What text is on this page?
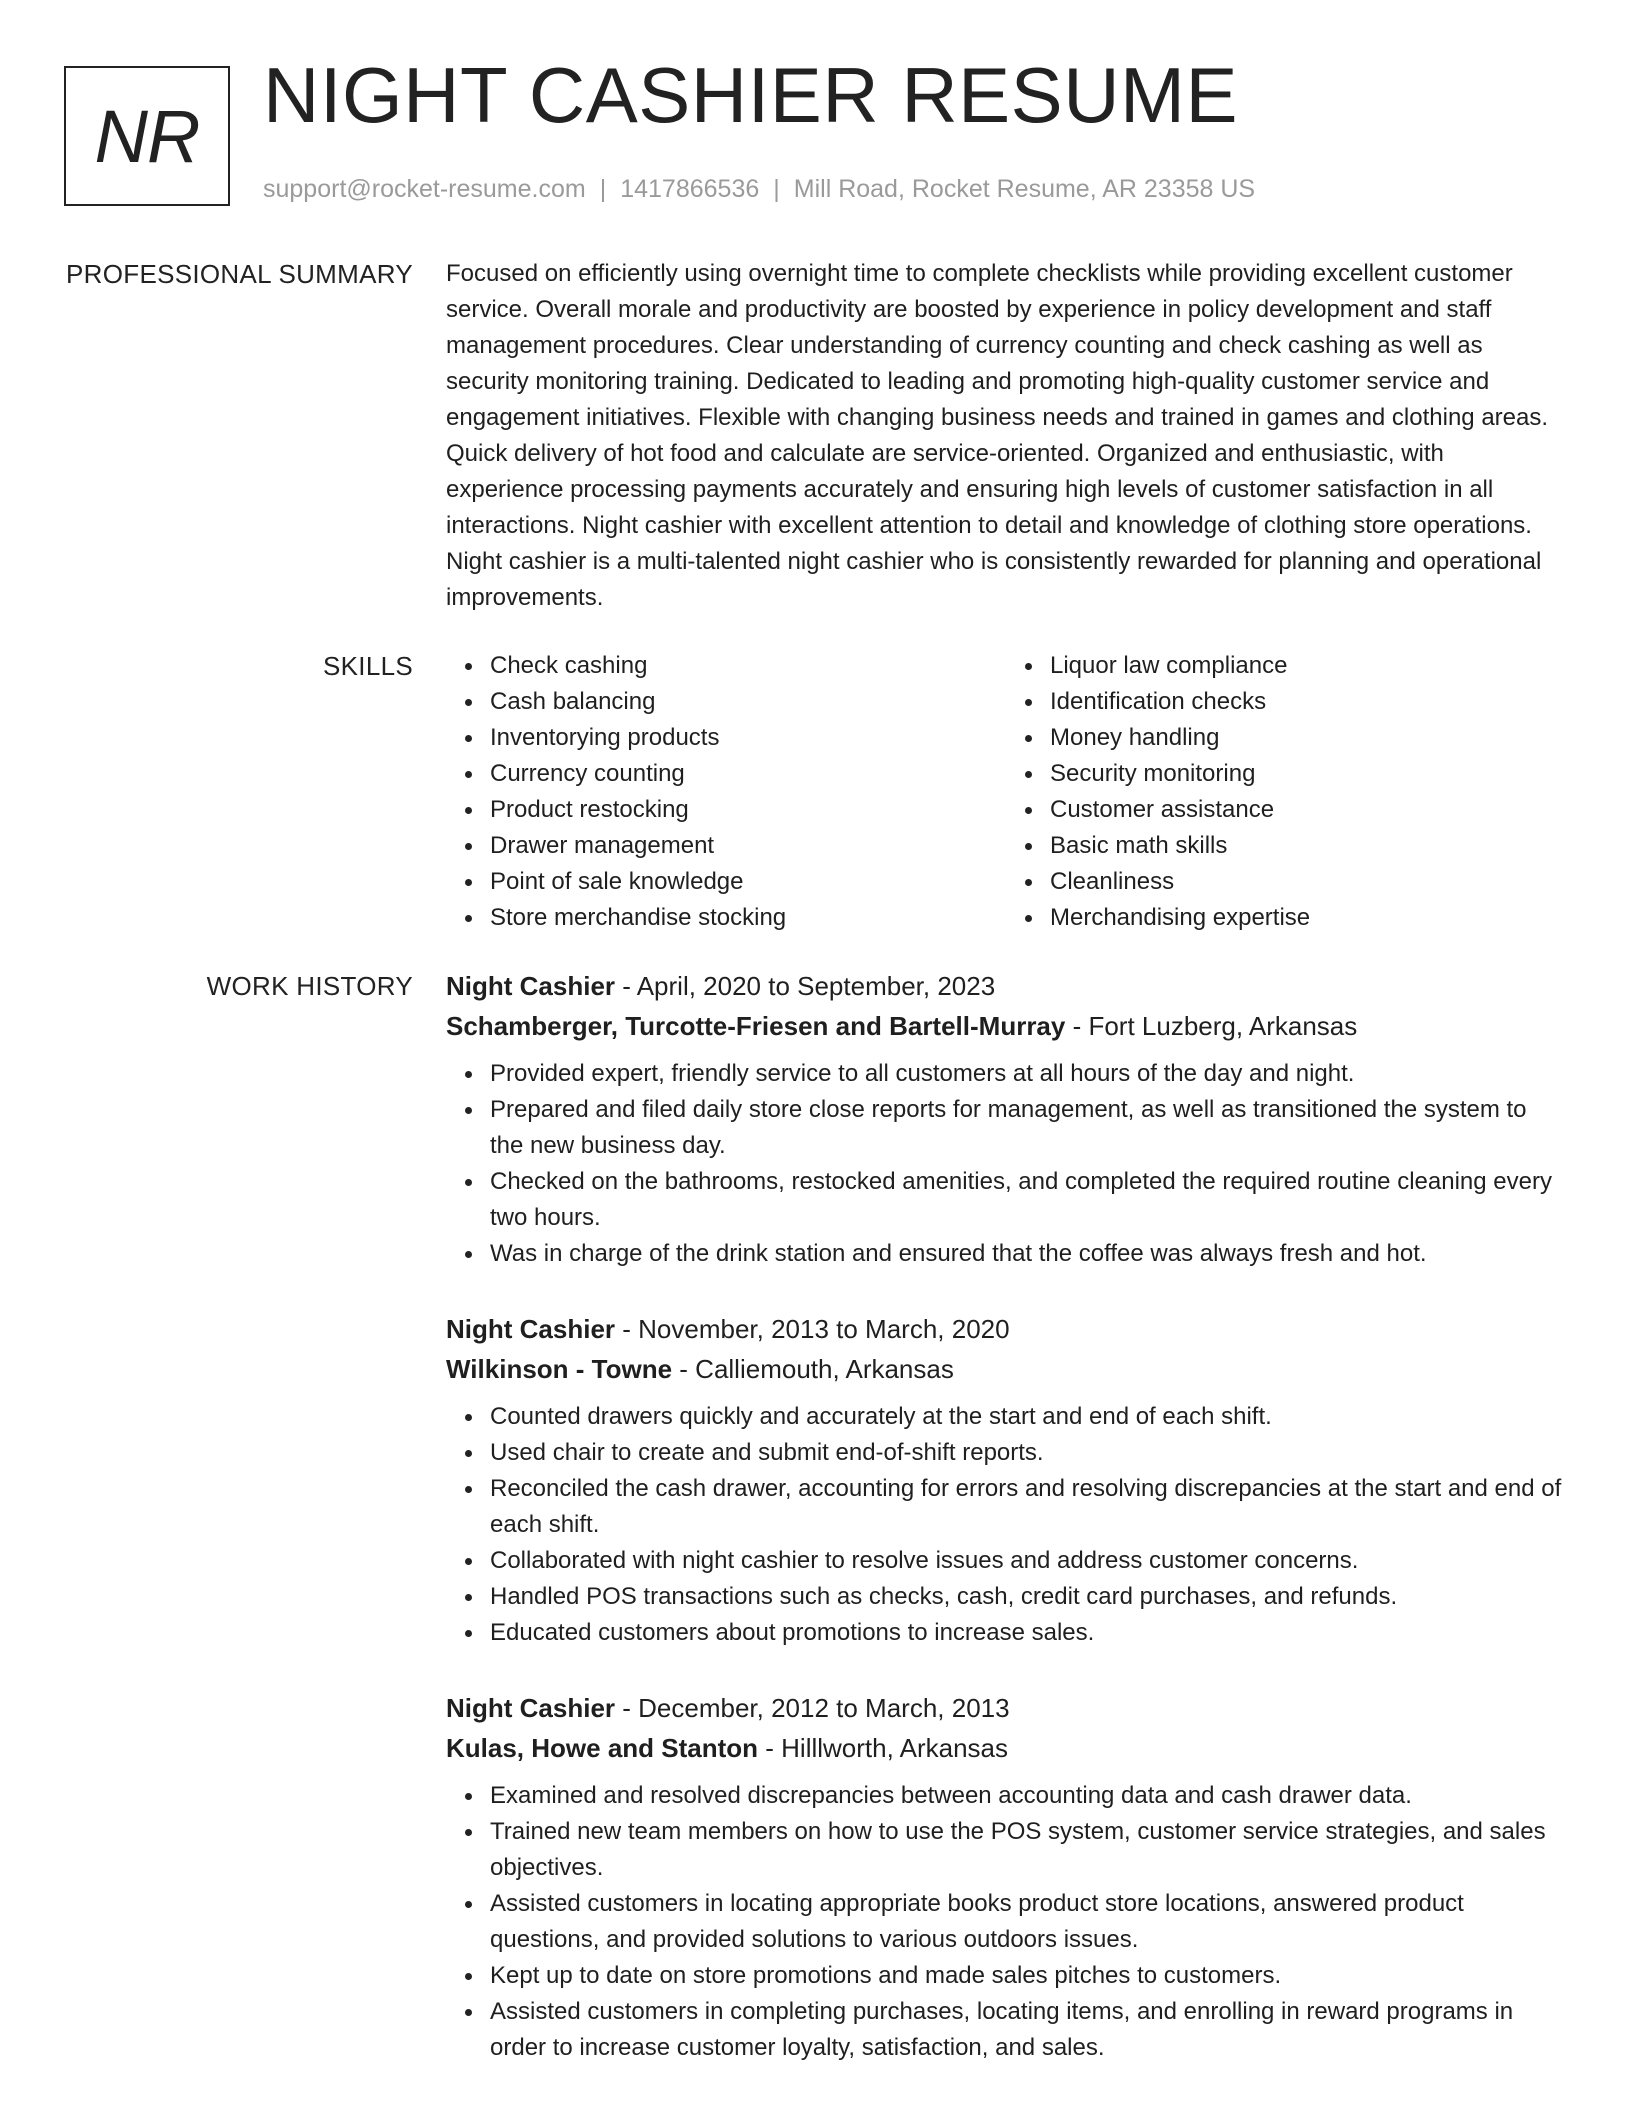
NR NIGHT CASHIER RESUME
support@rocket-resume.com | 1417866536 | Mill Road, Rocket Resume, AR 23358 US
PROFESSIONAL SUMMARY Focused on efficiently using overnight time to complete checklists while providing excellent customer service. Overall morale and productivity are boosted by experience in policy development and staff management procedures. Clear understanding of currency counting and check cashing as well as security monitoring training. Dedicated to leading and promoting high-quality customer service and engagement initiatives. Flexible with changing business needs and trained in games and clothing areas. Quick delivery of hot food and calculate are service-oriented. Organized and enthusiastic, with experience processing payments accurately and ensuring high levels of customer satisfaction in all interactions. Night cashier with excellent attention to detail and knowledge of clothing store operations. Night cashier is a multi-talented night cashier who is consistently rewarded for planning and operational improvements.

SKILLS	Check cashing
Cash balancing
Inventorying products
Currency counting
Product restocking
Drawer management
Point of sale knowledge
Store merchandise stocking
Liquor law compliance
Identification checks
Money handling
Security monitoring
Customer assistance
Basic math skills
Cleanliness
Merchandising expertise
WORK HISTORY Night Cashier - April, 2020 to September, 2023
Schamberger, Turcotte-Friesen and Bartell-Murray - Fort Luzberg, Arkansas
Provided expert, friendly service to all customers at all hours of the day and night.
Prepared and filed daily store close reports for management, as well as transitioned the system to the new business day.
Checked on the bathrooms, restocked amenities, and completed the required routine cleaning every two hours.
Was in charge of the drink station and ensured that the coffee was always fresh and hot.
Night Cashier - November, 2013 to March, 2020
Wilkinson - Towne - Calliemouth, Arkansas
Counted drawers quickly and accurately at the start and end of each shift.
Used chair to create and submit end-of-shift reports.
Reconciled the cash drawer, accounting for errors and resolving discrepancies at the start and end of each shift.
Collaborated with night cashier to resolve issues and address customer concerns.
Handled POS transactions such as checks, cash, credit card purchases, and refunds.
Educated customers about promotions to increase sales.
Night Cashier - December, 2012 to March, 2013
Kulas, Howe and Stanton - Hilllworth, Arkansas
Examined and resolved discrepancies between accounting data and cash drawer data.
Trained new team members on how to use the POS system, customer service strategies, and sales objectives.
Assisted customers in locating appropriate books product store locations, answered product questions, and provided solutions to various outdoors issues.
Kept up to date on store promotions and made sales pitches to customers.
Assisted customers in completing purchases, locating items, and enrolling in reward programs in order to increase customer loyalty, satisfaction, and sales.
